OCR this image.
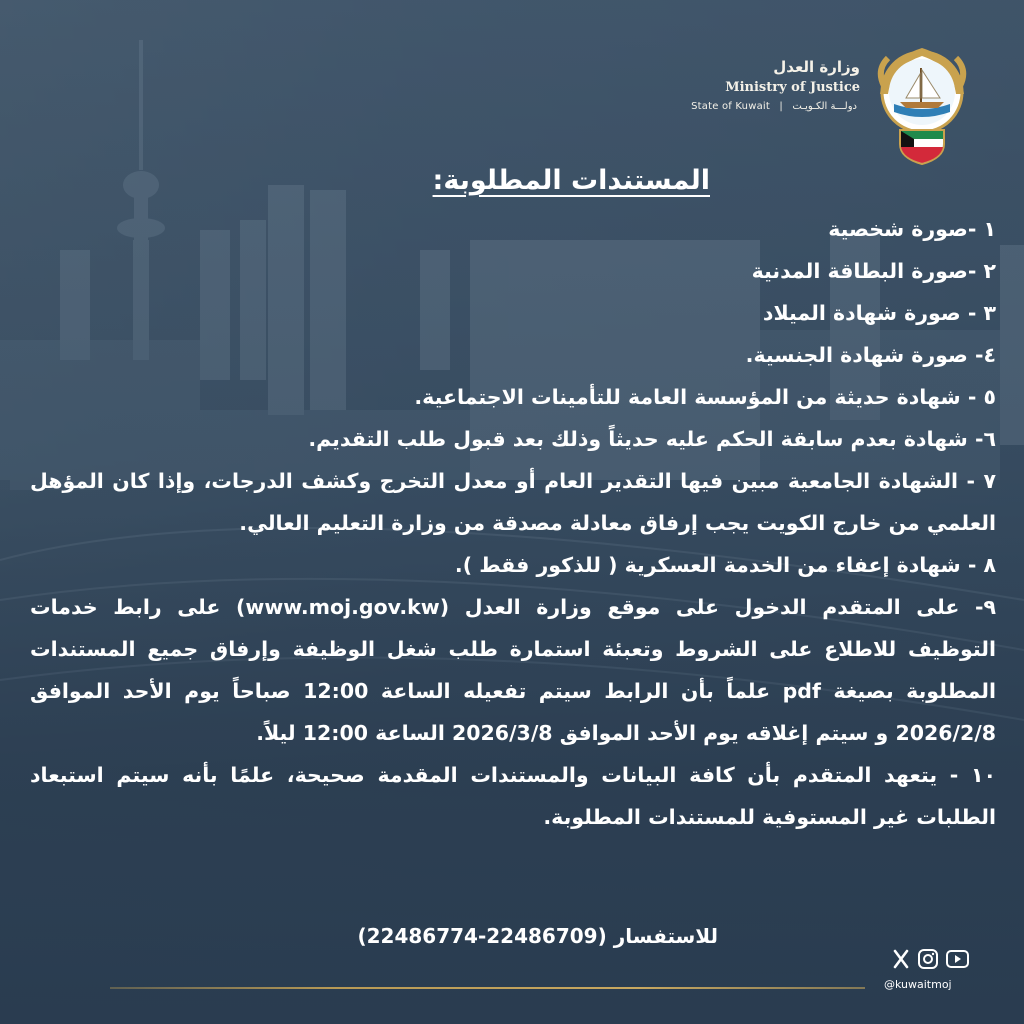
وزارة العدل
Ministry of Justice
State of Kuwait | دولـــة الكـويـت
المستندات المطلوبة:
١ -صورة شخصية
٢ -صورة البطاقة المدنية
٣ - صورة شهادة الميلاد
٤- صورة شهادة الجنسية.
٥ - شهادة حديثة من المؤسسة العامة للتأمينات الاجتماعية.
٦- شهادة بعدم سابقة الحكم عليه حديثاً وذلك بعد قبول طلب التقديم.
٧ - الشهادة الجامعية مبين فيها التقدير العام أو معدل التخرج وكشف الدرجات، وإذا كان المؤهل العلمي من خارج الكويت يجب إرفاق معادلة مصدقة من وزارة التعليم العالي.
٨ - شهادة إعفاء من الخدمة العسكرية ( للذكور فقط ).
٩- على المتقدم الدخول على موقع وزارة العدل (www.moj.gov.kw) على رابط خدمات التوظيف للاطلاع على الشروط وتعبئة استمارة طلب شغل الوظيفة وإرفاق جميع المستندات المطلوبة بصيغة pdf علماً بأن الرابط سيتم تفعيله الساعة 12:00 صباحاً يوم الأحد الموافق 2026/2/8 و سيتم إغلاقه يوم الأحد الموافق 2026/3/8 الساعة 12:00 ليلاً.
١٠ - يتعهد المتقدم بأن كافة البيانات والمستندات المقدمة صحيحة، علمًا بأنه سيتم استبعاد الطلبات غير المستوفية للمستندات المطلوبة.
للاستفسار (22486709-22486774)
@kuwaitmoj
